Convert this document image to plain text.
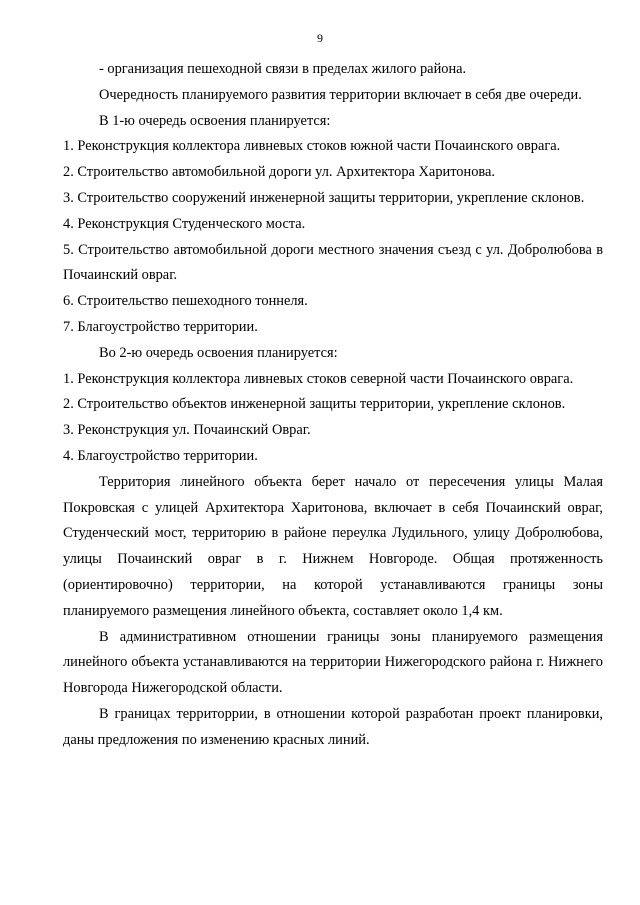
9

- организация пешеходной связи в пределах жилого района.

Очередность планируемого развития территории включает в себя две очереди.

В 1-ю очередь освоения планируется:

1. Реконструкция коллектора ливневых стоков южной части Почаинского оврага.

2. Строительство автомобильной дороги ул. Архитектора Харитонова.

3. Строительство сооружений инженерной защиты территории, укрепление склонов.

4. Реконструкция Студенческого моста.

5. Строительство автомобильной дороги местного значения съезд с ул. Добролюбова в Почаинский овраг.

6. Строительство пешеходного тоннеля.

7. Благоустройство территории.

Во 2-ю очередь освоения планируется:

1. Реконструкция коллектора ливневых стоков северной части Почаинского оврага.

2. Строительство объектов инженерной защиты территории, укрепление склонов.

3. Реконструкция ул. Почаинский Овраг.

4. Благоустройство территории.

Территория линейного объекта берет начало от пересечения улицы Малая Покровская с улицей Архитектора Харитонова, включает в себя Почаинский овраг, Студенческий мост, территорию в районе переулка Лудильного, улицу Добролюбова, улицы Почаинский овраг в г. Нижнем Новгороде. Общая протяженность (ориентировочно) территории, на которой устанавливаются границы зоны планируемого размещения линейного объекта, составляет около 1,4 км.

В административном отношении границы зоны планируемого размещения линейного объекта устанавливаются на территории Нижегородского района г. Нижнего Новгорода Нижегородской области.

В границах территоррии, в отношении которой разработан проект планировки, даны предложения по изменению красных линий.
